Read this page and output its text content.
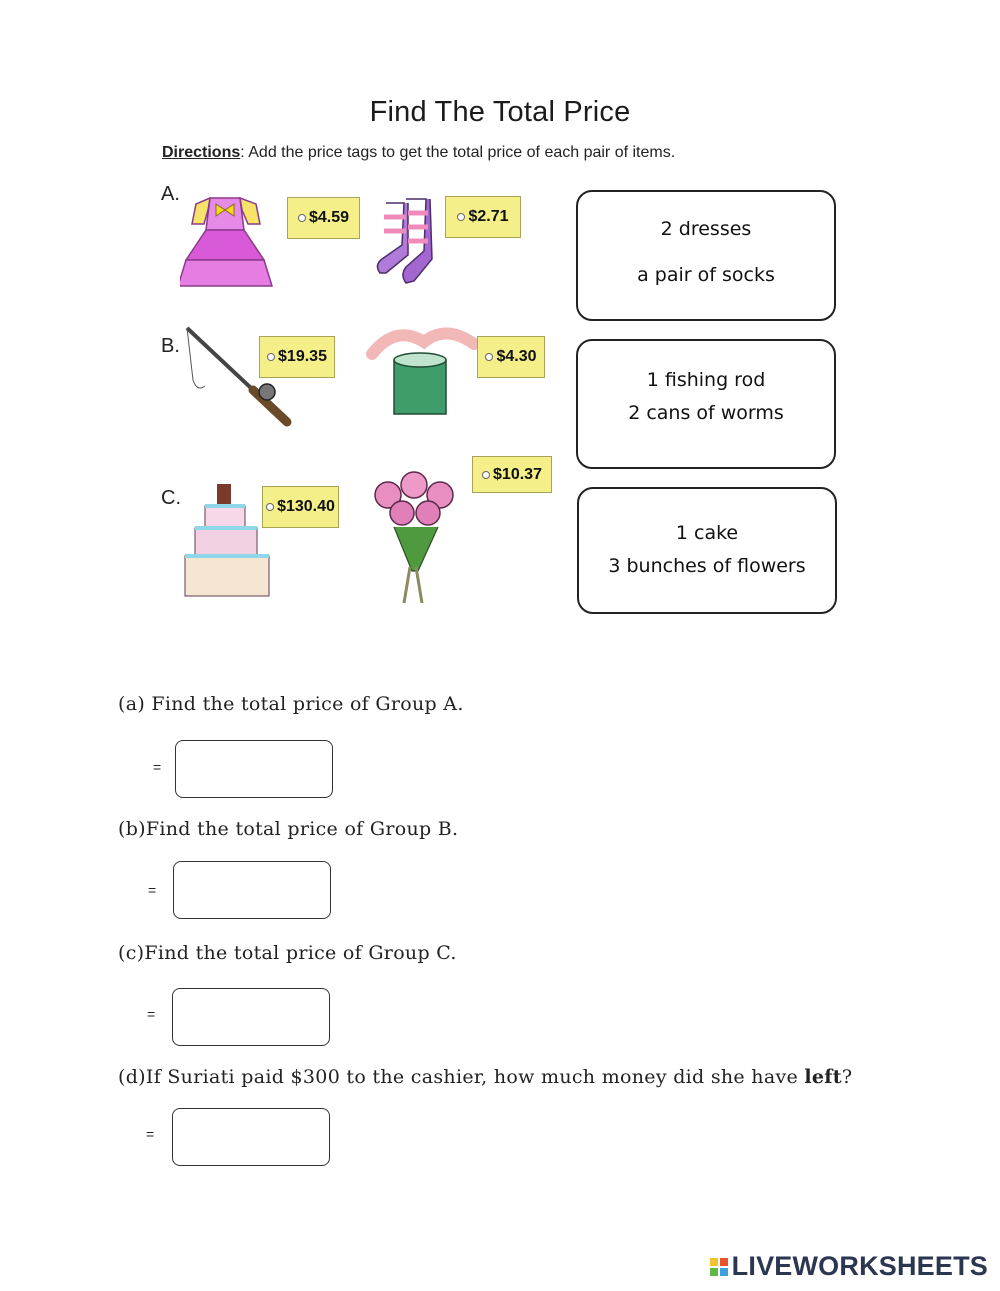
Find The Total Price
Directions: Add the price tags to get the total price of each pair of items.
A.
$4.59	$2.71
2 dresses
a pair of socks
B.	$19.35	$4.30
1 fishing rod
2 cans of worms
C.	$130.40
$10.37
1 cake
3 bunches of flowers
(a) Find the total price of Group A.
=
(b)Find the total price of Group B.
=
(c)Find the total price of Group C.
=
(d)If Suriati paid $300 to the cashier, how much money did she have left?
=
LIVEWORKSHEETS
